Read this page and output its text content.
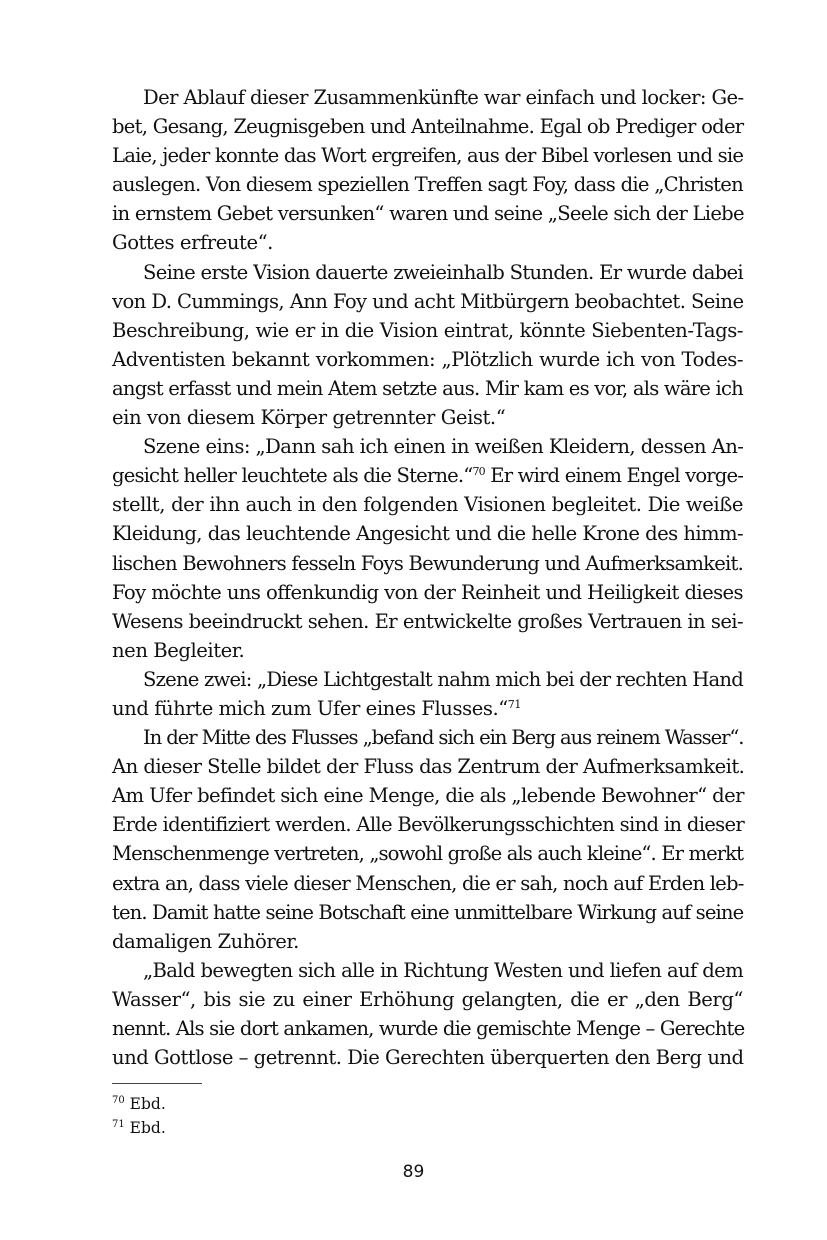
Der Ablauf dieser Zusammenkünfte war einfach und locker: Ge-
bet, Gesang, Zeugnisgeben und Anteilnahme. Egal ob Prediger oder
Laie, jeder konnte das Wort ergreifen, aus der Bibel vorlesen und sie
auslegen. Von diesem speziellen Treffen sagt Foy, dass die „Christen
in ernstem Gebet versunken“ waren und seine „Seele sich der Liebe
Gottes erfreute“.
Seine erste Vision dauerte zweieinhalb Stunden. Er wurde dabei
von D. Cummings, Ann Foy und acht Mitbürgern beobachtet. Seine
Beschreibung, wie er in die Vision eintrat, könnte Siebenten-Tags-
Adventisten bekannt vorkommen: „Plötzlich wurde ich von Todes-
angst erfasst und mein Atem setzte aus. Mir kam es vor, als wäre ich
ein von diesem Körper getrennter Geist.“
Szene eins: „Dann sah ich einen in weißen Kleidern, dessen An-
gesicht heller leuchtete als die Sterne.“$^{70}$ Er wird einem Engel vorge-
stellt, der ihn auch in den folgenden Visionen begleitet. Die weiße
Kleidung, das leuchtende Angesicht und die helle Krone des himm-
lischen Bewohners fesseln Foys Bewunderung und Aufmerksamkeit.
Foy möchte uns offenkundig von der Reinheit und Heiligkeit dieses
Wesens beeindruckt sehen. Er entwickelte großes Vertrauen in sei-
nen Begleiter.
Szene zwei: „Diese Lichtgestalt nahm mich bei der rechten Hand
und führte mich zum Ufer eines Flusses.“$^{71}$
In der Mitte des Flusses „befand sich ein Berg aus reinem Wasser“.
An dieser Stelle bildet der Fluss das Zentrum der Aufmerksamkeit.
Am Ufer befindet sich eine Menge, die als „lebende Bewohner“ der
Erde identifiziert werden. Alle Bevölkerungsschichten sind in dieser
Menschenmenge vertreten, „sowohl große als auch kleine“. Er merkt
extra an, dass viele dieser Menschen, die er sah, noch auf Erden leb-
ten. Damit hatte seine Botschaft eine unmittelbare Wirkung auf seine
damaligen Zuhörer.
„Bald bewegten sich alle in Richtung Westen und liefen auf dem
Wasser“, bis sie zu einer Erhöhung gelangten, die er „den Berg“
nennt. Als sie dort ankamen, wurde die gemischte Menge – Gerechte
und Gottlose – getrennt. Die Gerechten überquerten den Berg und
$^{70}$ Ebd.
$^{71}$ Ebd.
89
